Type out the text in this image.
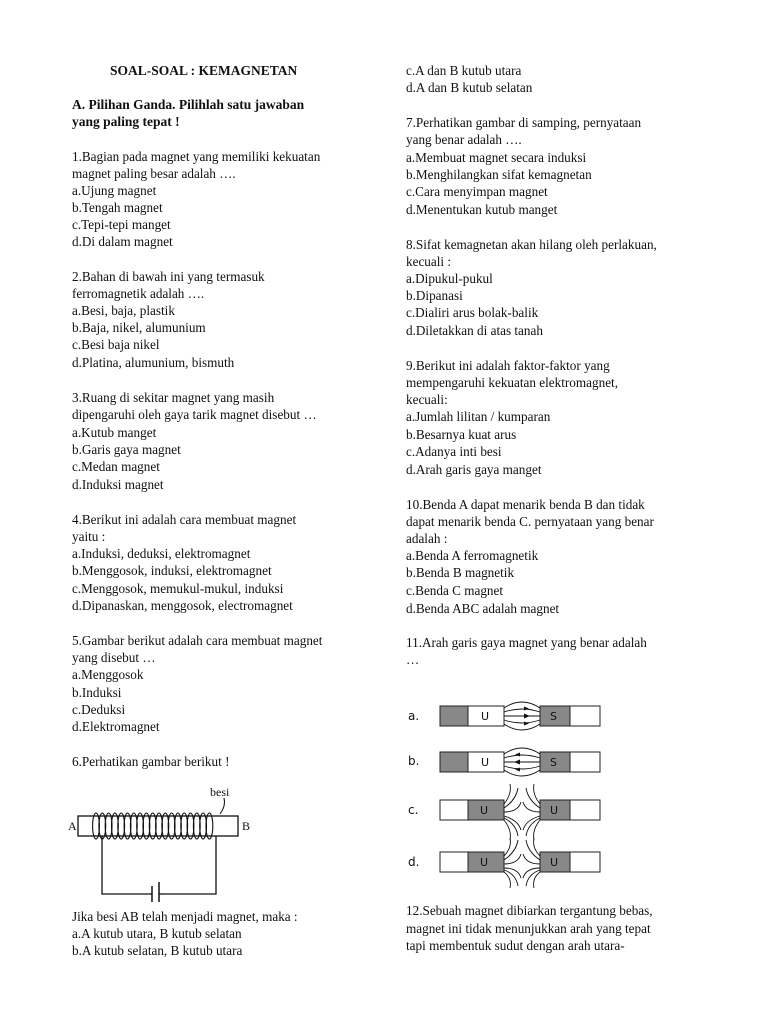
SOAL-SOAL : KEMAGNETAN
A. Pilihan Ganda. Pilihlah satu jawaban
yang paling tepat !
1.Bagian pada magnet yang memiliki kekuatan
magnet paling besar adalah ….
a.Ujung magnet
b.Tengah magnet
c.Tepi-tepi manget
d.Di dalam magnet
2.Bahan di bawah ini yang termasuk
ferromagnetik adalah ….
a.Besi, baja, plastik
b.Baja, nikel, alumunium
c.Besi baja nikel
d.Platina, alumunium, bismuth
3.Ruang di sekitar magnet yang masih
dipengaruhi oleh gaya tarik magnet disebut …
a.Kutub manget
b.Garis gaya magnet
c.Medan magnet
d.Induksi magnet
4.Berikut ini adalah cara membuat magnet
yaitu :
a.Induksi, deduksi, elektromagnet
b.Menggosok, induksi, elektromagnet
c.Menggosok, memukul-mukul, induksi
d.Dipanaskan, menggosok, electromagnet
5.Gambar berikut adalah cara membuat magnet
yang disebut …
a.Menggosok
b.Induksi
c.Deduksi
d.Elektromagnet
6.Perhatikan gambar berikut !
Jika besi AB telah menjadi magnet, maka :
a.A kutub utara, B kutub selatan
b.A kutub selatan, B kutub utara
besi
A	B
c.A dan B kutub utara
d.A dan B kutub selatan
7.Perhatikan gambar di samping, pernyataan
yang benar adalah ….
a.Membuat magnet secara induksi
b.Menghilangkan sifat kemagnetan
c.Cara menyimpan magnet
d.Menentukan kutub manget
8.Sifat kemagnetan akan hilang oleh perlakuan,
kecuali :
a.Dipukul-pukul
b.Dipanasi
c.Dialiri arus bolak-balik
d.Diletakkan di atas tanah
9.Berikut ini adalah faktor-faktor yang
mempengaruhi kekuatan elektromagnet,
kecuali:
a.Jumlah lilitan / kumparan
b.Besarnya kuat arus
c.Adanya inti besi
d.Arah garis gaya manget
10.Benda A dapat menarik benda B dan tidak
dapat menarik benda C. pernyataan yang benar
adalah :
a.Benda A ferromagnetik
b.Benda B magnetik
c.Benda C magnet
d.Benda ABC adalah magnet
11.Arah garis gaya magnet yang benar adalah
…
12.Sebuah magnet dibiarkan tergantung bebas,
magnet ini tidak menunjukkan arah yang tepat
tapi membentuk sudut dengan arah utara-
a.	U	S
b.	U	S
c.	U	U
d.	U	U
